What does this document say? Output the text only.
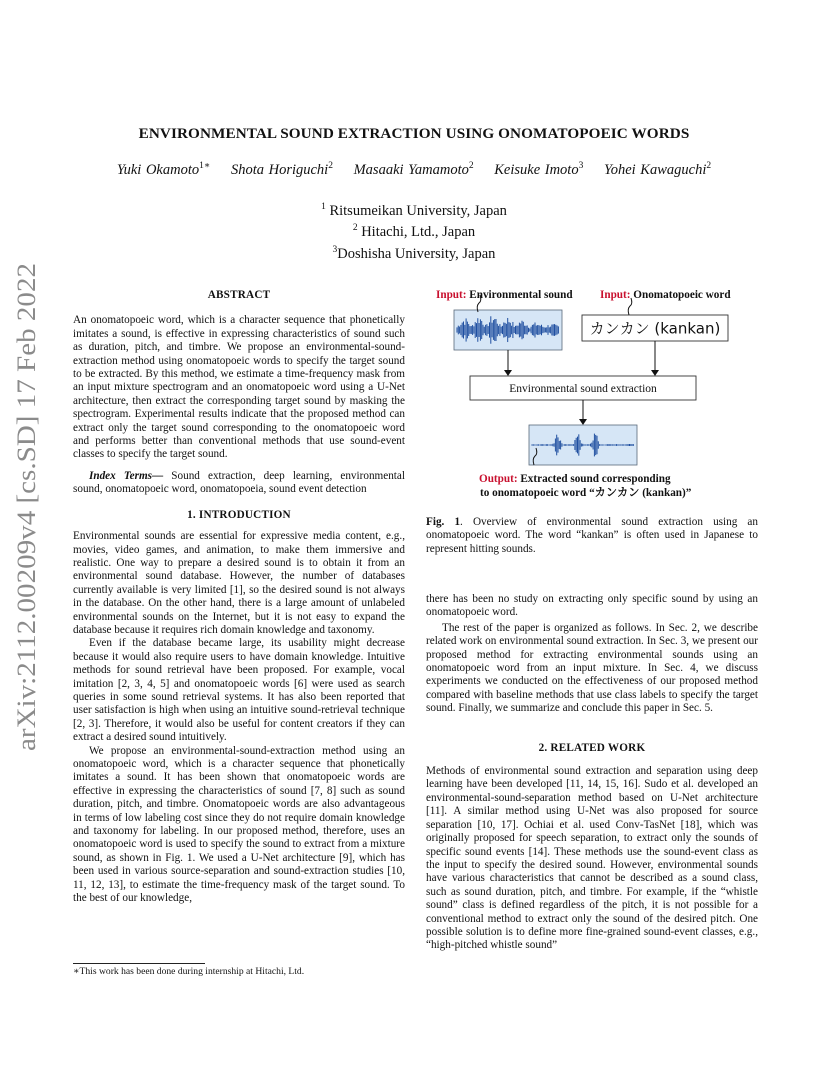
arXiv:2112.00209v4 [cs.SD] 17 Feb 2022
ENVIRONMENTAL SOUND EXTRACTION USING ONOMATOPOEIC WORDS
Yuki Okamoto$^{1∗}$ Shota Horiguchi$^2$ Masaaki Yamamoto$^2$ Keisuke Imoto$^3$ Yohei Kawaguchi$^2$
$^1$ Ritsumeikan University, Japan
$^2$ Hitachi, Ltd., Japan
$^3$Doshisha University, Japan
ABSTRACT

An onomatopoeic word, which is a character sequence that phonetically imitates a sound, is effective in expressing characteristics of sound such as duration, pitch, and timbre. We propose an environmental-sound-extraction method using onomatopoeic words to specify the target sound to be extracted. By this method, we estimate a time-frequency mask from an input mixture spectrogram and an onomatopoeic word using a U-Net architecture, then extract the corresponding target sound by masking the spectrogram. Experimental results indicate that the proposed method can extract only the target sound corresponding to the onomatopoeic word and performs better than conventional methods that use sound-event classes to specify the target sound.

Index Terms— Sound extraction, deep learning, environmental sound, onomatopoeic word, onomatopoeia, sound event detection

1. INTRODUCTION

Environmental sounds are essential for expressive media content, e.g., movies, video games, and animation, to make them immersive and realistic. One way to prepare a desired sound is to obtain it from an environmental sound database. However, the number of databases currently available is very limited [1], so the desired sound is not always in the database. On the other hand, there is a large amount of unlabeled environmental sounds on the Internet, but it is not easy to expand the database because it requires rich domain knowledge and taxonomy.

Even if the database became large, its usability might decrease because it would also require users to have domain knowledge. Intuitive methods for sound retrieval have been proposed. For example, vocal imitation [2, 3, 4, 5] and onomatopoeic words [6] were used as search queries in some sound retrieval systems. It has also been reported that user satisfaction is high when using an intuitive sound-retrieval technique [2, 3]. Therefore, it would also be useful for content creators if they can extract a desired sound intuitively.

We propose an environmental-sound-extraction method using an onomatopoeic word, which is a character sequence that phonetically imitates a sound. It has been shown that onomatopoeic words are effective in expressing the characteristics of sound [7, 8] such as sound duration, pitch, and timbre. Onomatopoeic words are also advantageous in terms of low labeling cost since they do not require domain knowledge and taxonomy for labeling. In our proposed method, therefore, uses an onomatopoeic word is used to specify the sound to extract from a mixture sound, as shown in Fig. 1. We used a U-Net architecture [9], which has been used in various source-separation and sound-extraction studies [10, 11, 12, 13], to estimate the time-frequency mask of the target sound. To the best of our knowledge,

∗This work has been done during internship at Hitachi, Ltd.
Input: Environmental sound Input: Onomatopoeic word
カンカン (kankan)
Environmental sound extraction
Output: Extracted sound corresponding
to onomatopoeic word “カンカン (kankan)”
Fig. 1. Overview of environmental sound extraction using an onomatopoeic word. The word “kankan” is often used in Japanese to represent hitting sounds.

there has been no study on extracting only specific sound by using an onomatopoeic word.

The rest of the paper is organized as follows. In Sec. 2, we describe related work on environmental sound extraction. In Sec. 3, we present our proposed method for extracting environmental sounds using an onomatopoeic word from an input mixture. In Sec. 4, we discuss experiments we conducted on the effectiveness of our proposed method compared with baseline methods that use class labels to specify the target sound. Finally, we summarize and conclude this paper in Sec. 5.

2. RELATED WORK

Methods of environmental sound extraction and separation using deep learning have been developed [11, 14, 15, 16]. Sudo et al. developed an environmental-sound-separation method based on U-Net architecture [11]. A similar method using U-Net was also proposed for source separation [10, 17]. Ochiai et al. used Conv-TasNet [18], which was originally proposed for speech separation, to extract only the sounds of specific sound events [14]. These methods use the sound-event class as the input to specify the desired sound. However, environmental sounds have various characteristics that cannot be described as a sound class, such as sound duration, pitch, and timbre. For example, if the “whistle sound” class is defined regardless of the pitch, it is not possible for a conventional method to extract only the sound of the desired pitch. One possible solution is to define more fine-grained sound-event classes, e.g., “high-pitched whistle sound”
